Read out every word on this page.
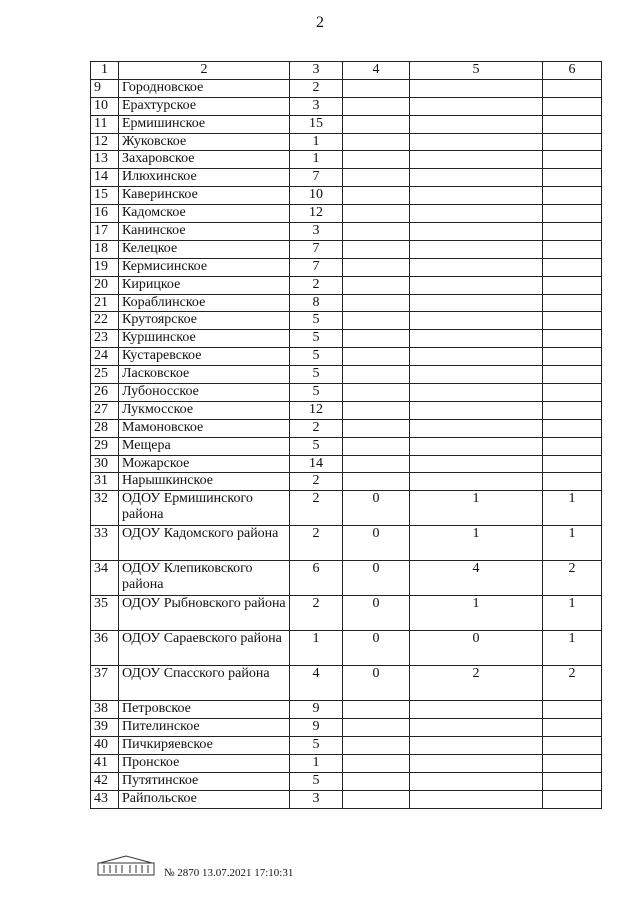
2
1	2	3	4	5	6
9	Городновское	2			
10	Ерахтурское	3			
11	Ермишинское	15			
12	Жуковское	1			
13	Захаровское	1			
14	Илюхинское	7			
15	Каверинское	10			
16	Кадомское	12			
17	Канинское	3			
18	Келецкое	7			
19	Кермисинское	7			
20	Кирицкое	2			
21	Кораблинское	8			
22	Крутоярское	5			
23	Куршинское	5			
24	Кустаревское	5			
25	Ласковское	5			
26	Лубоносское	5			
27	Лукмосское	12			
28	Мамоновское	2			
29	Мещера	5			
30	Можарское	14			
31	Нарышкинское	2			
32	ОДОУ Ермишинского района	2	0	1	1
33	ОДОУ Кадомского района	2	0	1	1
34	ОДОУ Клепиковского района	6	0	4	2
35	ОДОУ Рыбновского района	2	0	1	1
36	ОДОУ Сараевского района	1	0	0	1
37	ОДОУ Спасского района	4	0	2	2
38	Петровское	9			
39	Пителинское	9			
40	Пичкиряевское	5			
41	Пронское	1			
42	Путятинское	5			
43	Райпольское	3			
№ 2870 13.07.2021 17:10:31
